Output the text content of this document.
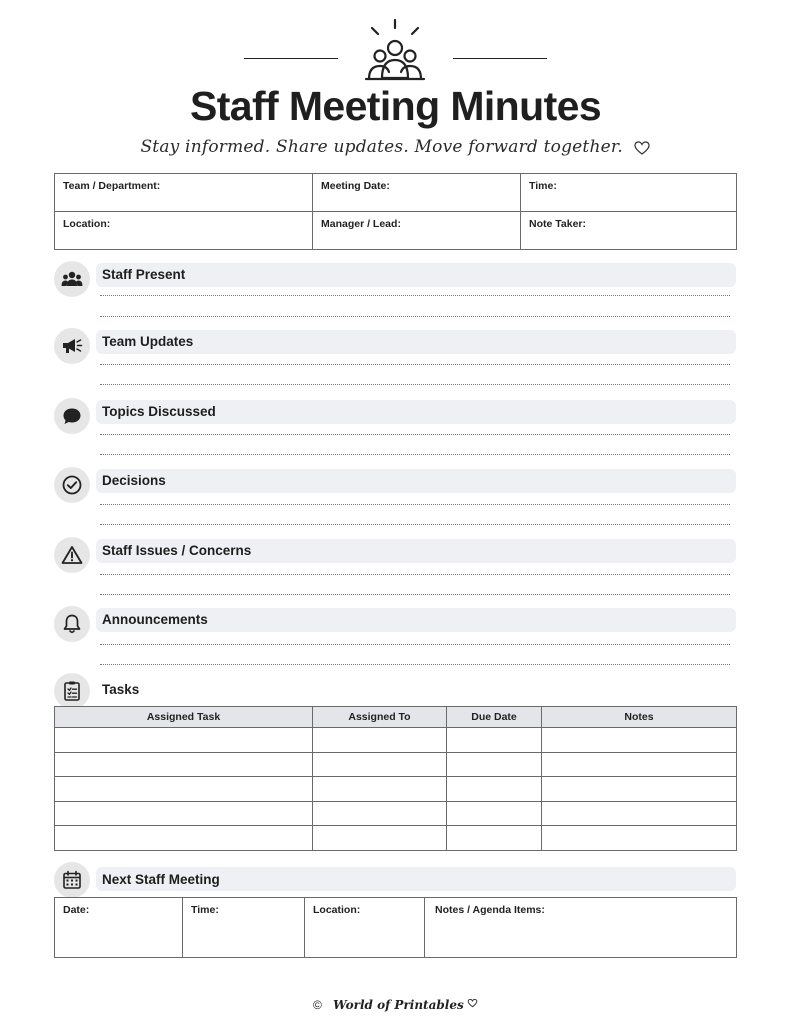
Staff Meeting Minutes
Stay informed. Share updates. Move forward together.
Team / Department:	Meeting Date:	Time:
Location:	Manager / Lead:	Note Taker:
Staff Present
Team Updates
Topics Discussed
Decisions
Staff Issues / Concerns
Announcements
Tasks
Assigned Task	Assigned To	Due Date	Notes

Next Staff Meeting
Date:	Time:	Location:	Notes / Agenda Items:
© World of Printables
